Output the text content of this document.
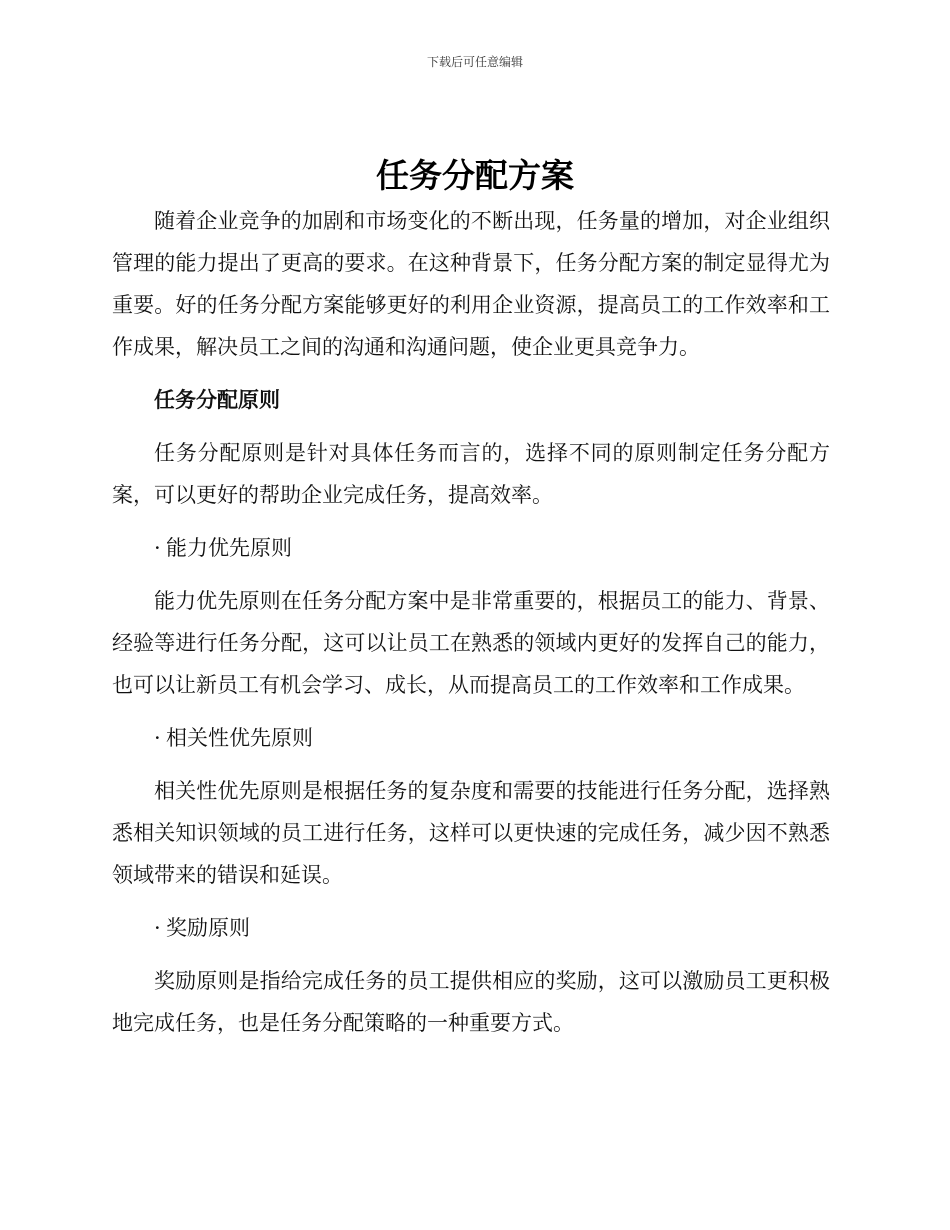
下载后可任意编辑
任务分配方案

随着企业竞争的加剧和市场变化的不断出现，任务量的增加，对企业组织管理的能力提出了更高的要求。在这种背景下，任务分配方案的制定显得尤为重要。好的任务分配方案能够更好的利用企业资源，提高员工的工作效率和工作成果，解决员工之间的沟通和沟通问题，使企业更具竞争力。

任务分配原则

任务分配原则是针对具体任务而言的，选择不同的原则制定任务分配方案，可以更好的帮助企业完成任务，提高效率。

· 能力优先原则

能力优先原则在任务分配方案中是非常重要的，根据员工的能力、背景、经验等进行任务分配，这可以让员工在熟悉的领域内更好的发挥自己的能力，也可以让新员工有机会学习、成长，从而提高员工的工作效率和工作成果。

· 相关性优先原则

相关性优先原则是根据任务的复杂度和需要的技能进行任务分配，选择熟悉相关知识领域的员工进行任务，这样可以更快速的完成任务，减少因不熟悉领域带来的错误和延误。

· 奖励原则

奖励原则是指给完成任务的员工提供相应的奖励，这可以激励员工更积极地完成任务，也是任务分配策略的一种重要方式。
